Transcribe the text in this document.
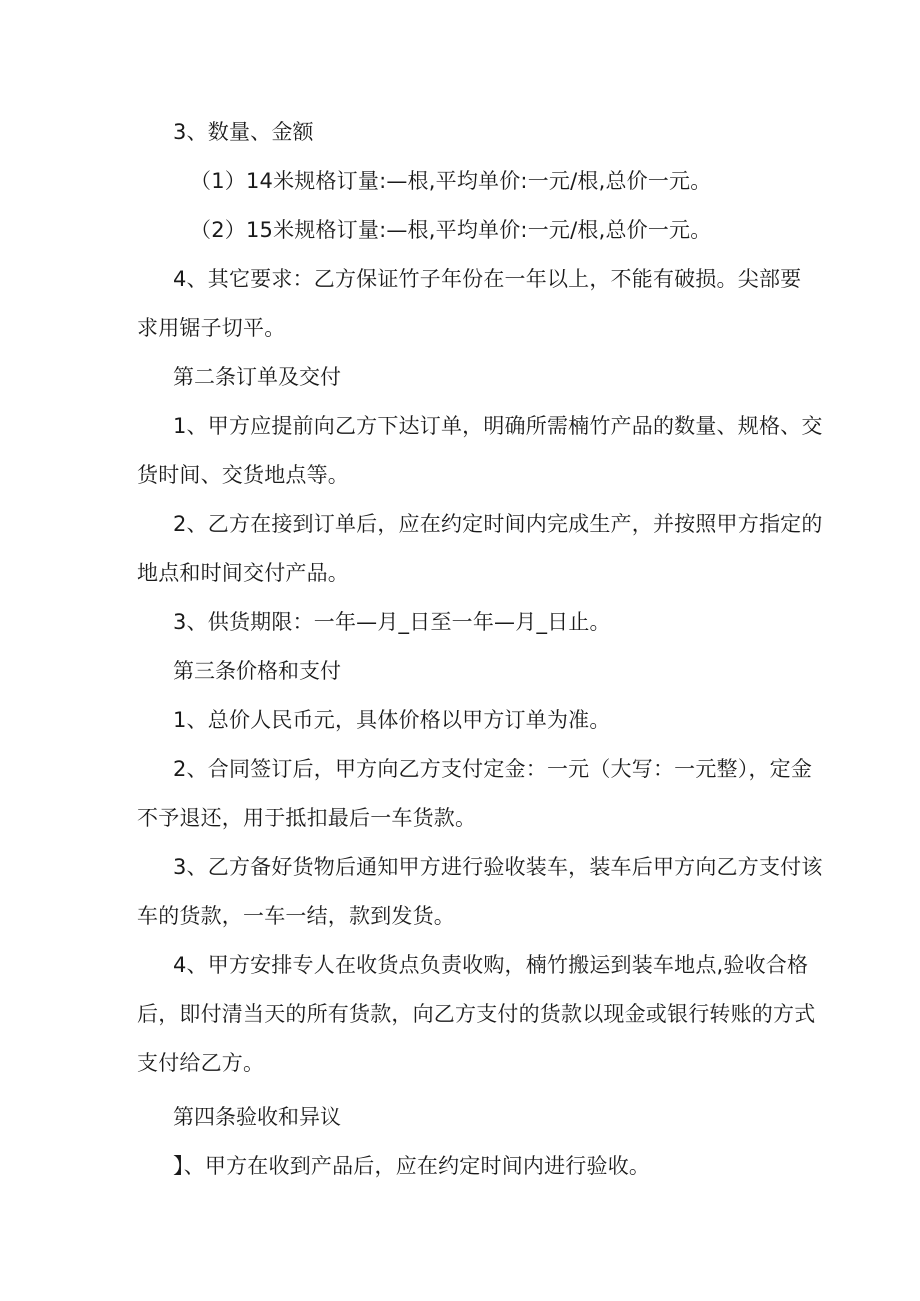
3、数量、金额
（1）14米规格订量:—根,平均单价:一元/根,总价一元。
（2）15米规格订量:—根,平均单价:一元/根,总价一元。
4、其它要求：乙方保证竹子年份在一年以上，不能有破损。尖部要
求用锯子切平。
第二条订单及交付
1、甲方应提前向乙方下达订单，明确所需楠竹产品的数量、规格、交
货时间、交货地点等。
2、乙方在接到订单后，应在约定时间内完成生产，并按照甲方指定的
地点和时间交付产品。
3、供货期限：一年—月_日至一年—月_日止。
第三条价格和支付
1、总价人民币元，具体价格以甲方订单为准。
2、合同签订后，甲方向乙方支付定金：一元（大写：一元整），定金
不予退还，用于抵扣最后一车货款。
3、乙方备好货物后通知甲方进行验收装车，装车后甲方向乙方支付该
车的货款，一车一结，款到发货。
4、甲方安排专人在收货点负责收购，楠竹搬运到装车地点,验收合格
后，即付清当天的所有货款，向乙方支付的货款以现金或银行转账的方式
支付给乙方。
第四条验收和异议
】、甲方在收到产品后，应在约定时间内进行验收。
